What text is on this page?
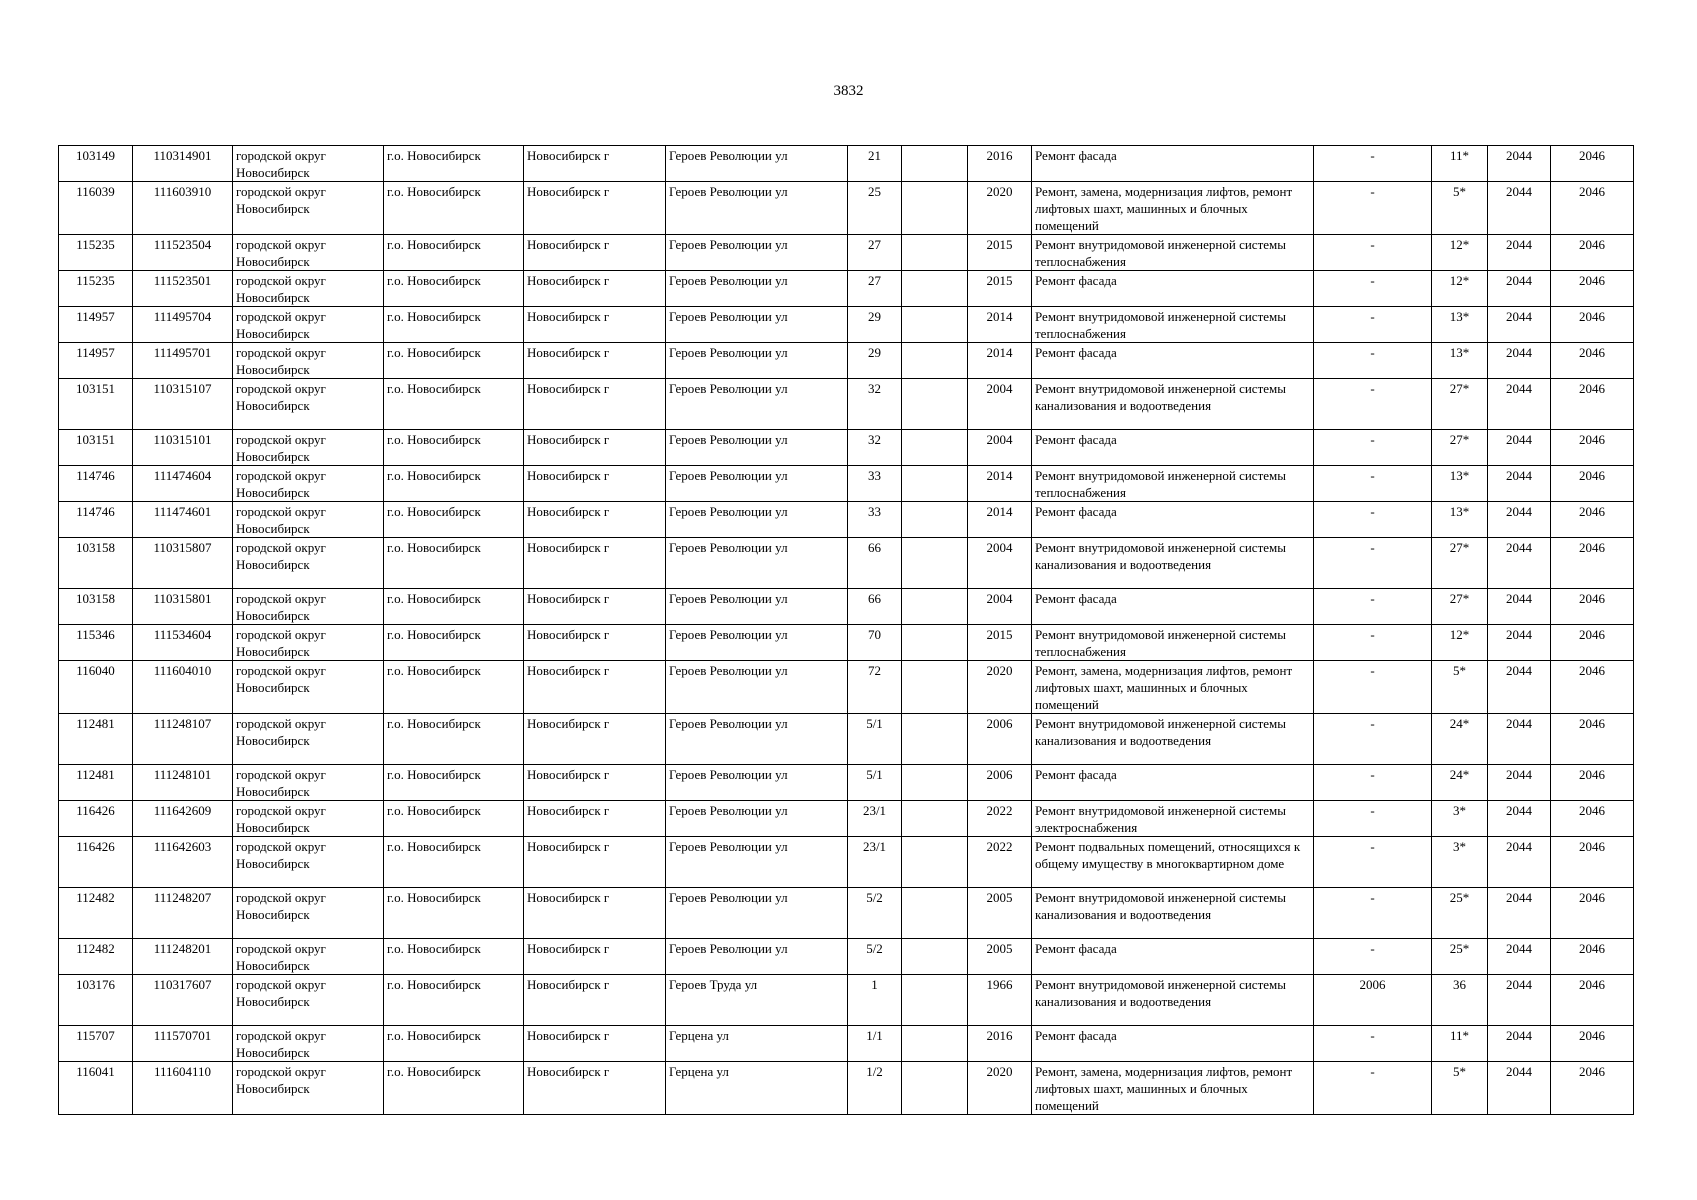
3832
103149	110314901	городской округ Новосибирск	г.о. Новосибирск	Новосибирск г	Героев Революции ул	21		2016	Ремонт фасада	-	11*	2044	2046
116039	111603910	городской округ Новосибирск	г.о. Новосибирск	Новосибирск г	Героев Революции ул	25		2020	Ремонт, замена, модернизация лифтов, ремонт лифтовых шахт, машинных и блочных помещений	-	5*	2044	2046
115235	111523504	городской округ Новосибирск	г.о. Новосибирск	Новосибирск г	Героев Революции ул	27		2015	Ремонт внутридомовой инженерной системы теплоснабжения	-	12*	2044	2046
115235	111523501	городской округ Новосибирск	г.о. Новосибирск	Новосибирск г	Героев Революции ул	27		2015	Ремонт фасада	-	12*	2044	2046
114957	111495704	городской округ Новосибирск	г.о. Новосибирск	Новосибирск г	Героев Революции ул	29		2014	Ремонт внутридомовой инженерной системы теплоснабжения	-	13*	2044	2046
114957	111495701	городской округ Новосибирск	г.о. Новосибирск	Новосибирск г	Героев Революции ул	29		2014	Ремонт фасада	-	13*	2044	2046
103151	110315107	городской округ Новосибирск	г.о. Новосибирск	Новосибирск г	Героев Революции ул	32		2004	Ремонт внутридомовой инженерной системы канализования и водоотведения	-	27*	2044	2046
103151	110315101	городской округ Новосибирск	г.о. Новосибирск	Новосибирск г	Героев Революции ул	32		2004	Ремонт фасада	-	27*	2044	2046
114746	111474604	городской округ Новосибирск	г.о. Новосибирск	Новосибирск г	Героев Революции ул	33		2014	Ремонт внутридомовой инженерной системы теплоснабжения	-	13*	2044	2046
114746	111474601	городской округ Новосибирск	г.о. Новосибирск	Новосибирск г	Героев Революции ул	33		2014	Ремонт фасада	-	13*	2044	2046
103158	110315807	городской округ Новосибирск	г.о. Новосибирск	Новосибирск г	Героев Революции ул	66		2004	Ремонт внутридомовой инженерной системы канализования и водоотведения	-	27*	2044	2046
103158	110315801	городской округ Новосибирск	г.о. Новосибирск	Новосибирск г	Героев Революции ул	66		2004	Ремонт фасада	-	27*	2044	2046
115346	111534604	городской округ Новосибирск	г.о. Новосибирск	Новосибирск г	Героев Революции ул	70		2015	Ремонт внутридомовой инженерной системы теплоснабжения	-	12*	2044	2046
116040	111604010	городской округ Новосибирск	г.о. Новосибирск	Новосибирск г	Героев Революции ул	72		2020	Ремонт, замена, модернизация лифтов, ремонт лифтовых шахт, машинных и блочных помещений	-	5*	2044	2046
112481	111248107	городской округ Новосибирск	г.о. Новосибирск	Новосибирск г	Героев Революции ул	5/1		2006	Ремонт внутридомовой инженерной системы канализования и водоотведения	-	24*	2044	2046
112481	111248101	городской округ Новосибирск	г.о. Новосибирск	Новосибирск г	Героев Революции ул	5/1		2006	Ремонт фасада	-	24*	2044	2046
116426	111642609	городской округ Новосибирск	г.о. Новосибирск	Новосибирск г	Героев Революции ул	23/1		2022	Ремонт внутридомовой инженерной системы электроснабжения	-	3*	2044	2046
116426	111642603	городской округ Новосибирск	г.о. Новосибирск	Новосибирск г	Героев Революции ул	23/1		2022	Ремонт подвальных помещений, относящихся к общему имуществу в многоквартирном доме	-	3*	2044	2046
112482	111248207	городской округ Новосибирск	г.о. Новосибирск	Новосибирск г	Героев Революции ул	5/2		2005	Ремонт внутридомовой инженерной системы канализования и водоотведения	-	25*	2044	2046
112482	111248201	городской округ Новосибирск	г.о. Новосибирск	Новосибирск г	Героев Революции ул	5/2		2005	Ремонт фасада	-	25*	2044	2046
103176	110317607	городской округ Новосибирск	г.о. Новосибирск	Новосибирск г	Героев Труда ул	1		1966	Ремонт внутридомовой инженерной системы канализования и водоотведения	2006	36	2044	2046
115707	111570701	городской округ Новосибирск	г.о. Новосибирск	Новосибирск г	Герцена ул	1/1		2016	Ремонт фасада	-	11*	2044	2046
116041	111604110	городской округ Новосибирск	г.о. Новосибирск	Новосибирск г	Герцена ул	1/2		2020	Ремонт, замена, модернизация лифтов, ремонт лифтовых шахт, машинных и блочных помещений	-	5*	2044	2046
